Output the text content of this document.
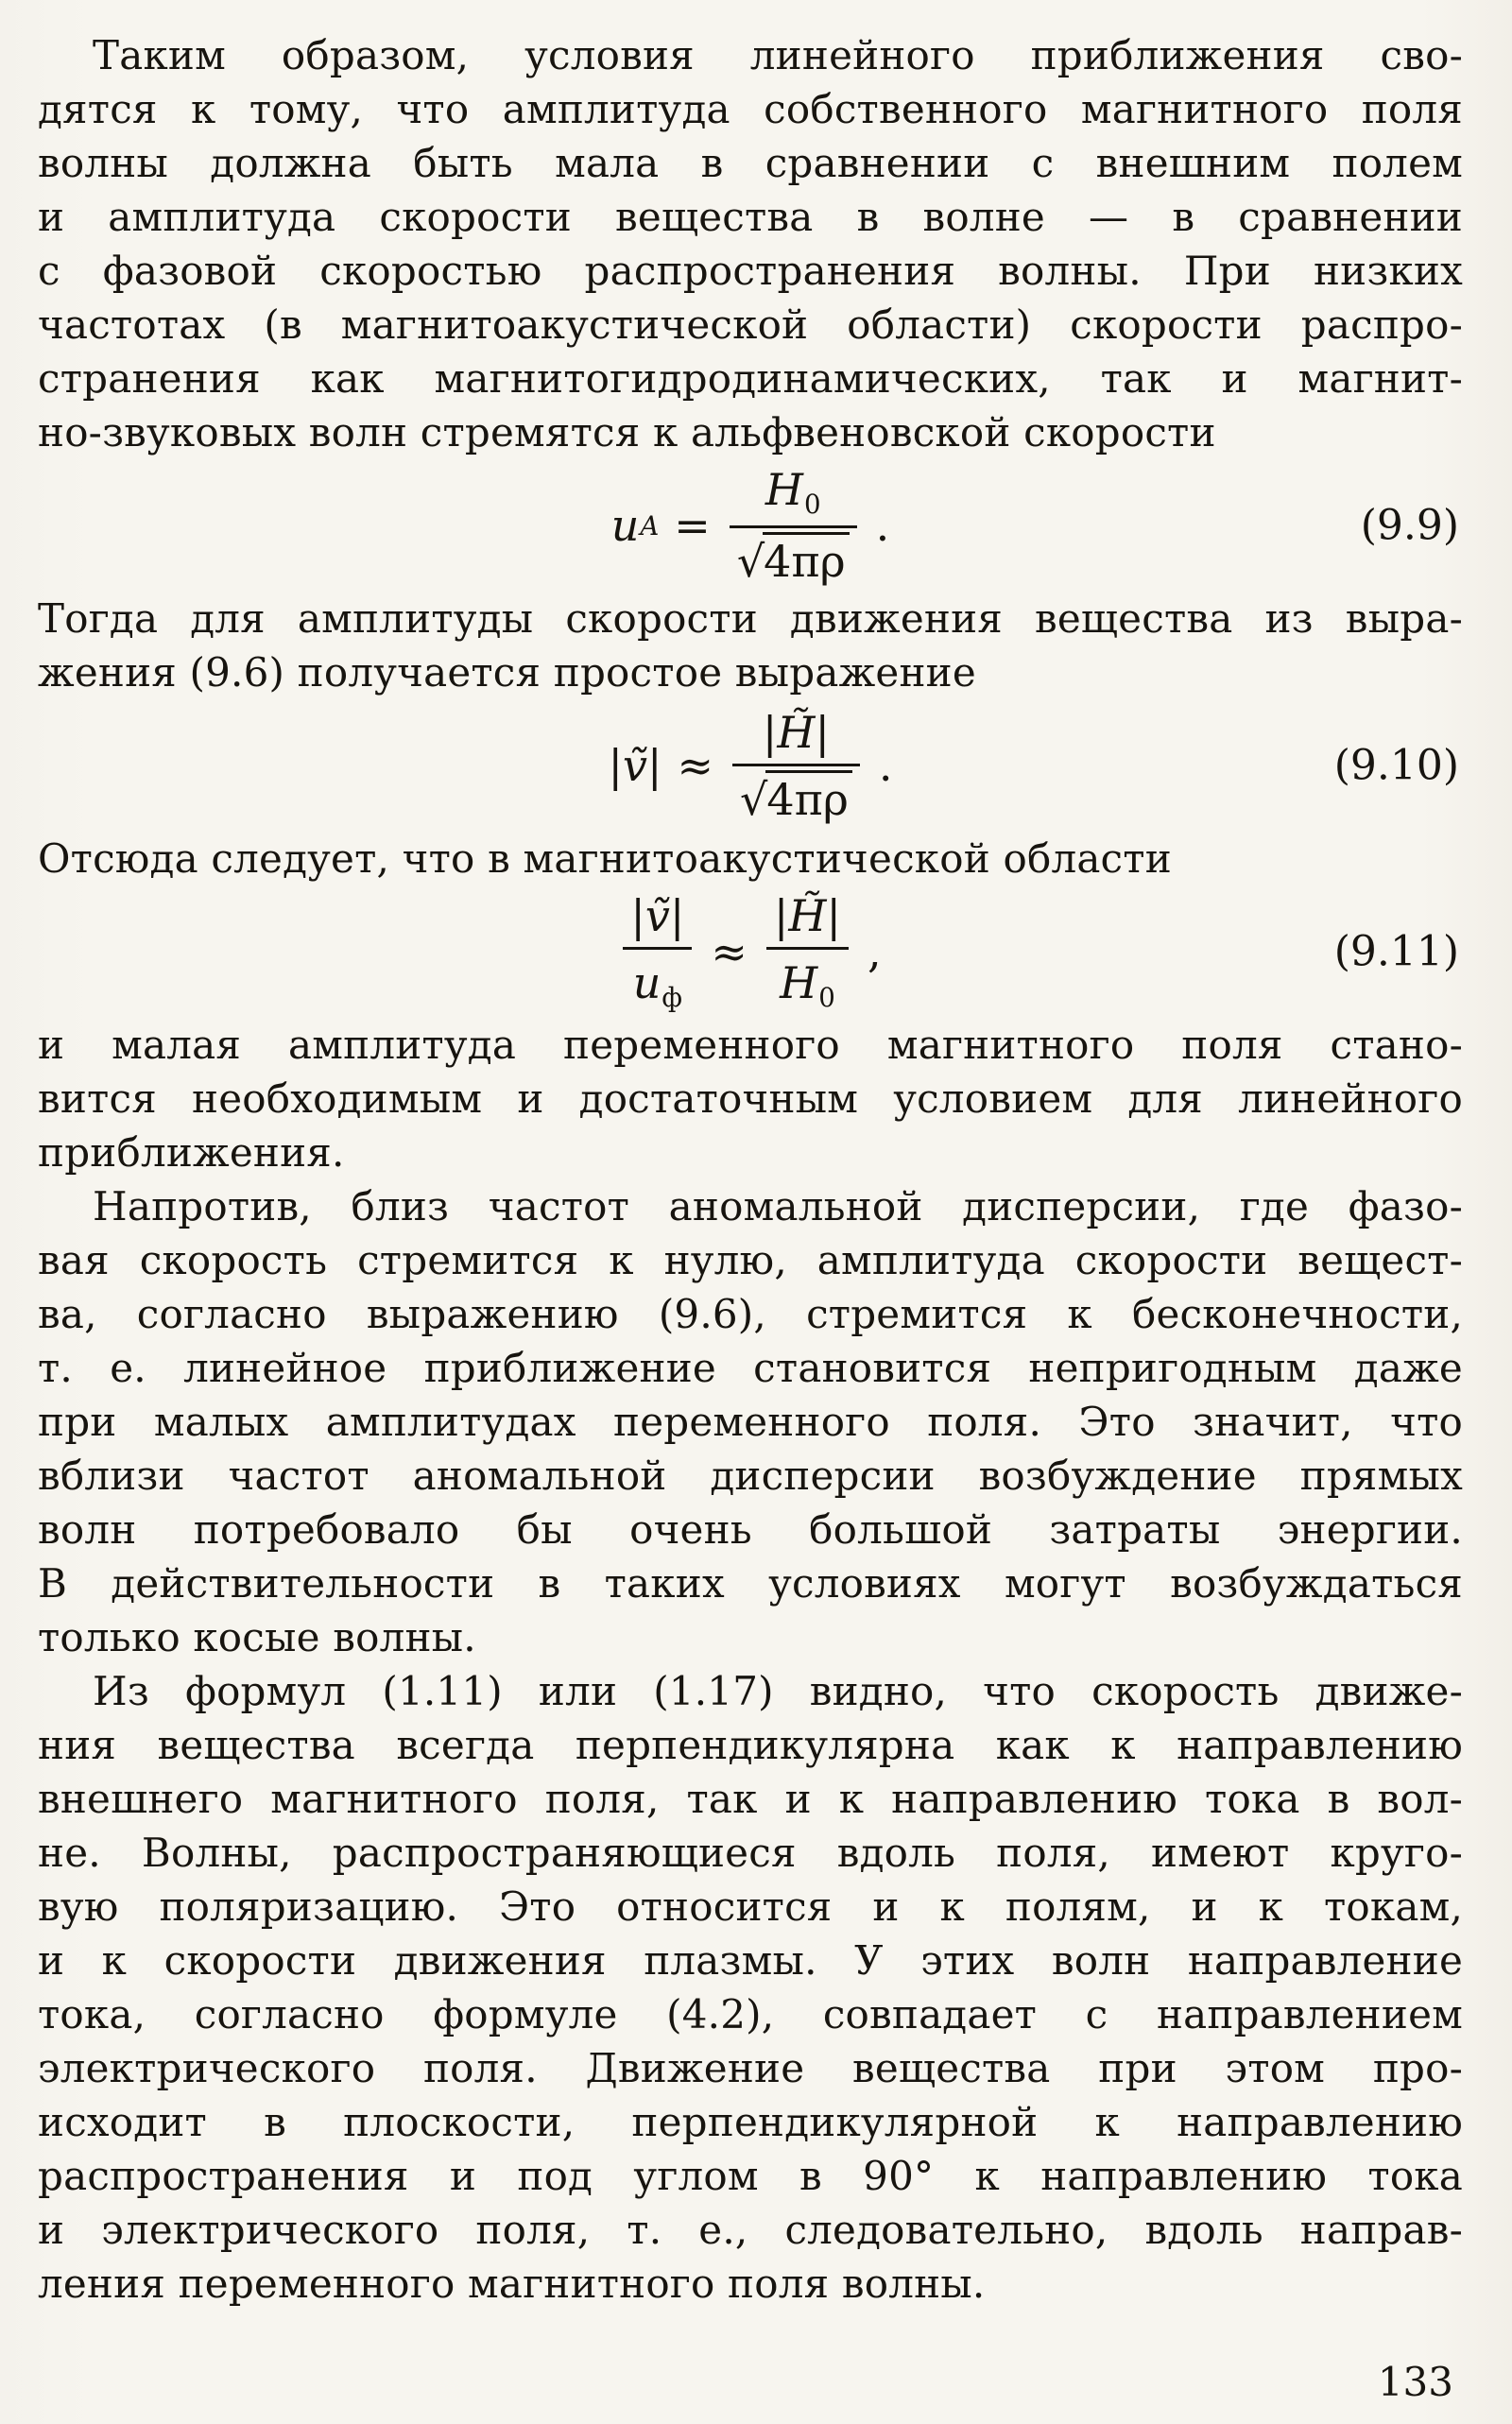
Таким образом, условия линейного приближения сво-
дятся к тому, что амплитуда собственного магнитного поля
волны должна быть мала в сравнении с внешним полем
и амплитуда скорости вещества в волне — в сравнении
с фазовой скоростью распространения волны. При низких
частотах (в магнитоакустической области) скорости распро-
странения как магнитогидродинамических, так и магнит-
но-звуковых волн стремятся к альфвеновской скорости
u $A = \frac{H_0}{√4\pi\rho}$ .	(9.9)
Тогда для амплитуды скорости движения вещества из выра-
жения (9.6) получается простое выражение
| ṽ | ≈ $\frac{|H̃|}{√4\pi\rho}$ .	(9.10)
Отсюда следует, что в магнитоакустической области
$\frac{\text{|ṽ|}}{u_ф} \approx \frac{|H̃|}{H_0}$ ,	(9.11)
и малая амплитуда переменного магнитного поля стано-
вится необходимым и достаточным условием для линейного
приближения.
Напротив, близ частот аномальной дисперсии, где фазо-
вая скорость стремится к нулю, амплитуда скорости вещест-
ва, согласно выражению (9.6), стремится к бесконечности,
т. е. линейное приближение становится непригодным даже
при малых амплитудах переменного поля. Это значит, что
вблизи частот аномальной дисперсии возбуждение прямых
волн потребовало бы очень большой затраты энергии.
В действительности в таких условиях могут возбуждаться
только косые волны.
Из формул (1.11) или (1.17) видно, что скорость движе-
ния вещества всегда перпендикулярна как к направлению
внешнего магнитного поля, так и к направлению тока в вол-
не. Волны, распространяющиеся вдоль поля, имеют круго-
вую поляризацию. Это относится и к полям, и к токам,
и к скорости движения плазмы. У этих волн направление
тока, согласно формуле (4.2), совпадает с направлением
электрического поля. Движение вещества при этом про-
исходит в плоскости, перпендикулярной к направлению
распространения и под углом в 90° к направлению тока
и электрического поля, т. е., следовательно, вдоль направ-
ления переменного магнитного поля волны.
133
